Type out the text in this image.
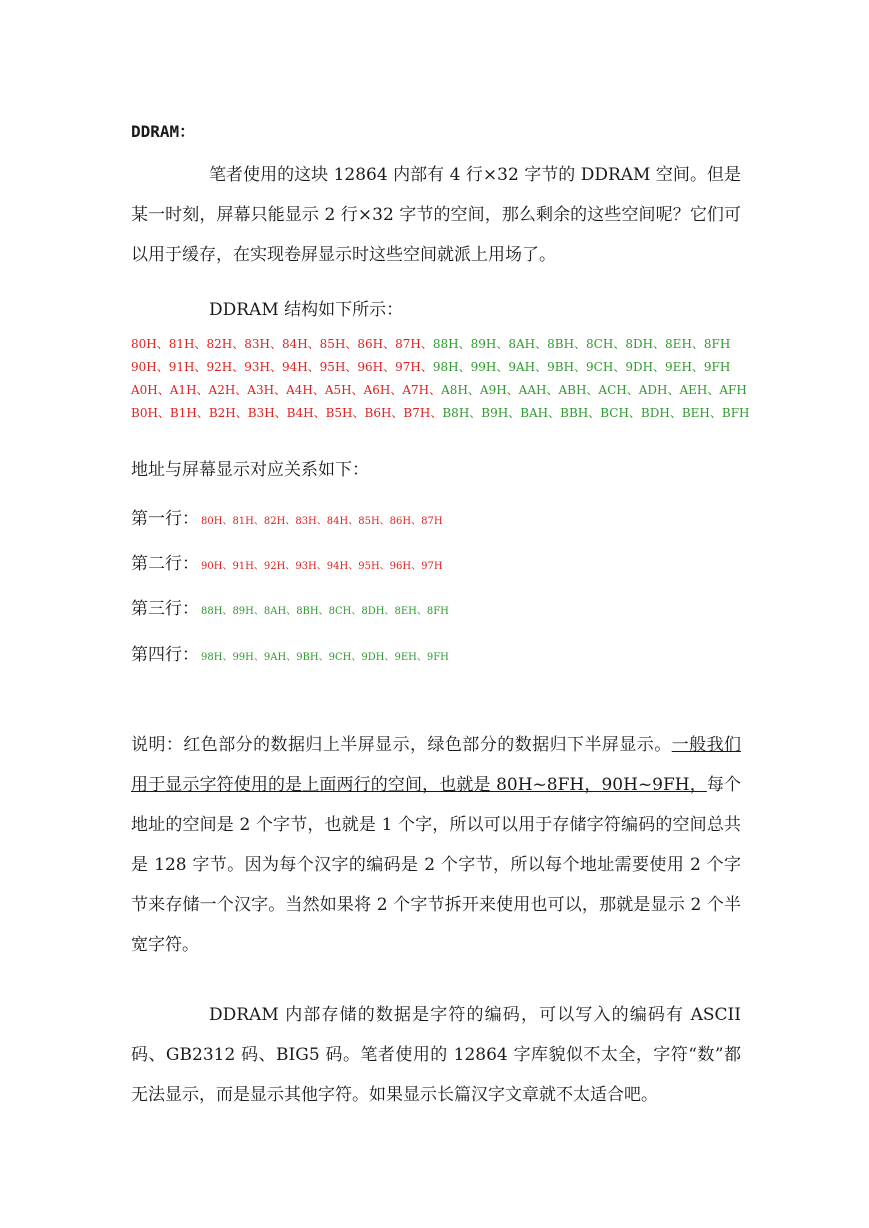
DDRAM：
笔者使用的这块 12864 内部有 4 行×32 字节的 DDRAM 空间。但是某一时刻，屏幕只能显示 2 行×32 字节的空间，那么剩余的这些空间呢？它们可以用于缓存，在实现卷屏显示时这些空间就派上用场了。
DDRAM 结构如下所示：
80H、81H、82H、83H、84H、85H、86H、87H、88H、89H、8AH、8BH、8CH、8DH、8EH、8FH
90H、91H、92H、93H、94H、95H、96H、97H、98H、99H、9AH、9BH、9CH、9DH、9EH、9FH
A0H、A1H、A2H、A3H、A4H、A5H、A6H、A7H、A8H、A9H、AAH、ABH、ACH、ADH、AEH、AFH
B0H、B1H、B2H、B3H、B4H、B5H、B6H、B7H、B8H、B9H、BAH、BBH、BCH、BDH、BEH、BFH
地址与屏幕显示对应关系如下：
第一行： 80H、81H、82H、83H、84H、85H、86H、87H
第二行： 90H、91H、92H、93H、94H、95H、96H、97H
第三行： 88H、89H、8AH、8BH、8CH、8DH、8EH、8FH
第四行： 98H、99H、9AH、9BH、9CH、9DH、9EH、9FH
说明：红色部分的数据归上半屏显示，绿色部分的数据归下半屏显示。一般我们用于显示字符使用的是上面两行的空间，也就是 80H~8FH，90H~9FH，每个地址的空间是 2 个字节，也就是 1 个字，所以可以用于存储字符编码的空间总共是 128 字节。因为每个汉字的编码是 2 个字节，所以每个地址需要使用 2 个字节来存储一个汉字。当然如果将 2 个字节拆开来使用也可以，那就是显示 2 个半宽字符。
DDRAM 内部存储的数据是字符的编码，可以写入的编码有 ASCII 码、GB2312 码、BIG5 码。笔者使用的 12864 字库貌似不太全，字符“数”都无法显示，而是显示其他字符。如果显示长篇汉字文章就不太适合吧。
